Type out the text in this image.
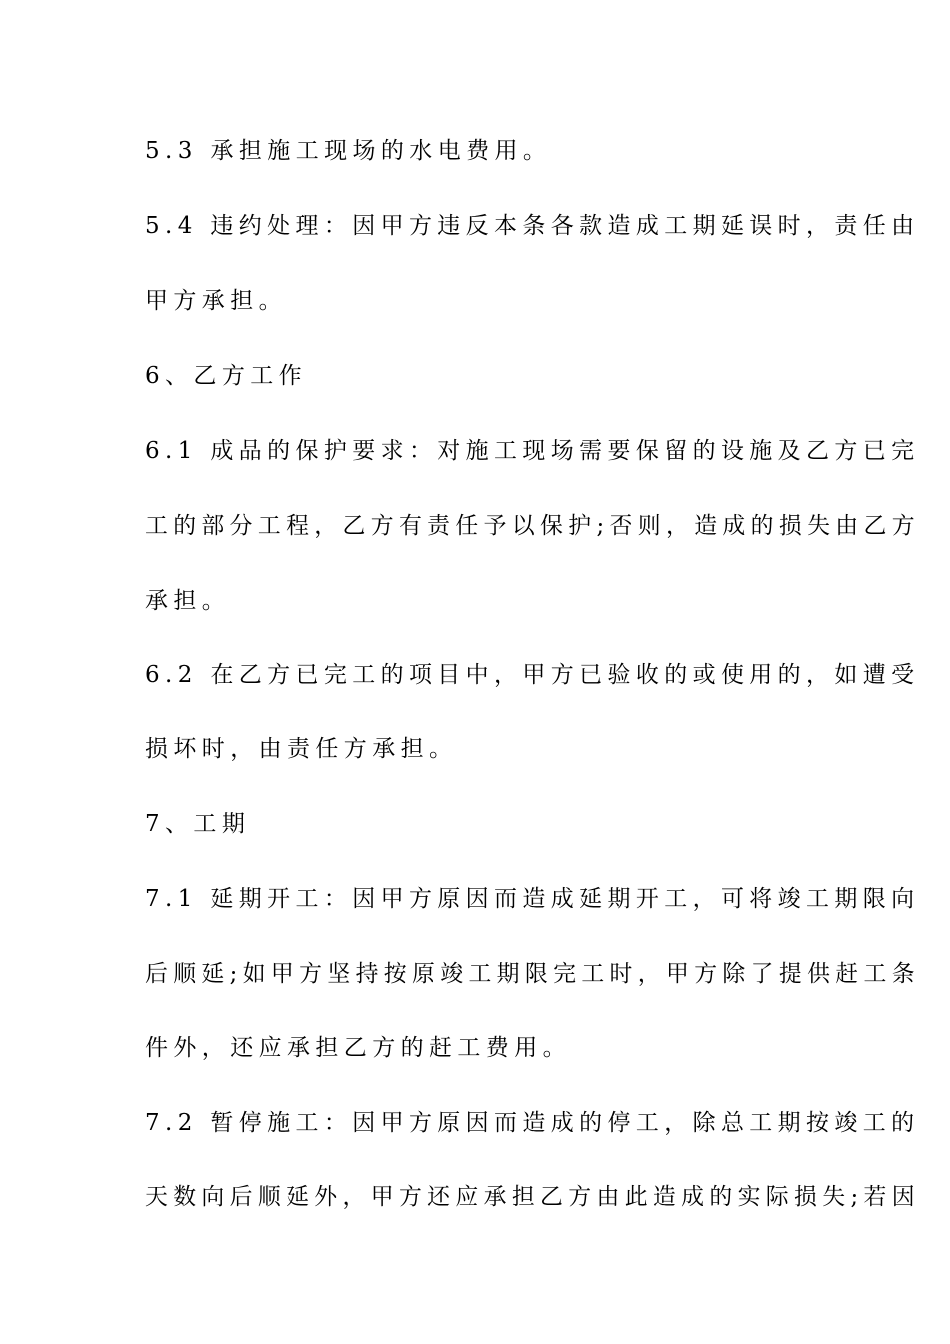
5.3 承担施工现场的水电费用。
5.4 违约处理：因甲方违反本条各款造成工期延误时，责任由
甲方承担。
6、乙方工作
6.1 成品的保护要求：对施工现场需要保留的设施及乙方已完
工的部分工程，乙方有责任予以保护;否则，造成的损失由乙方
承担。
6.2 在乙方已完工的项目中，甲方已验收的或使用的，如遭受
损坏时，由责任方承担。
7、工期
7.1 延期开工：因甲方原因而造成延期开工，可将竣工期限向
后顺延;如甲方坚持按原竣工期限完工时，甲方除了提供赶工条
件外，还应承担乙方的赶工费用。
7.2 暂停施工：因甲方原因而造成的停工，除总工期按竣工的
天数向后顺延外，甲方还应承担乙方由此造成的实际损失;若因
